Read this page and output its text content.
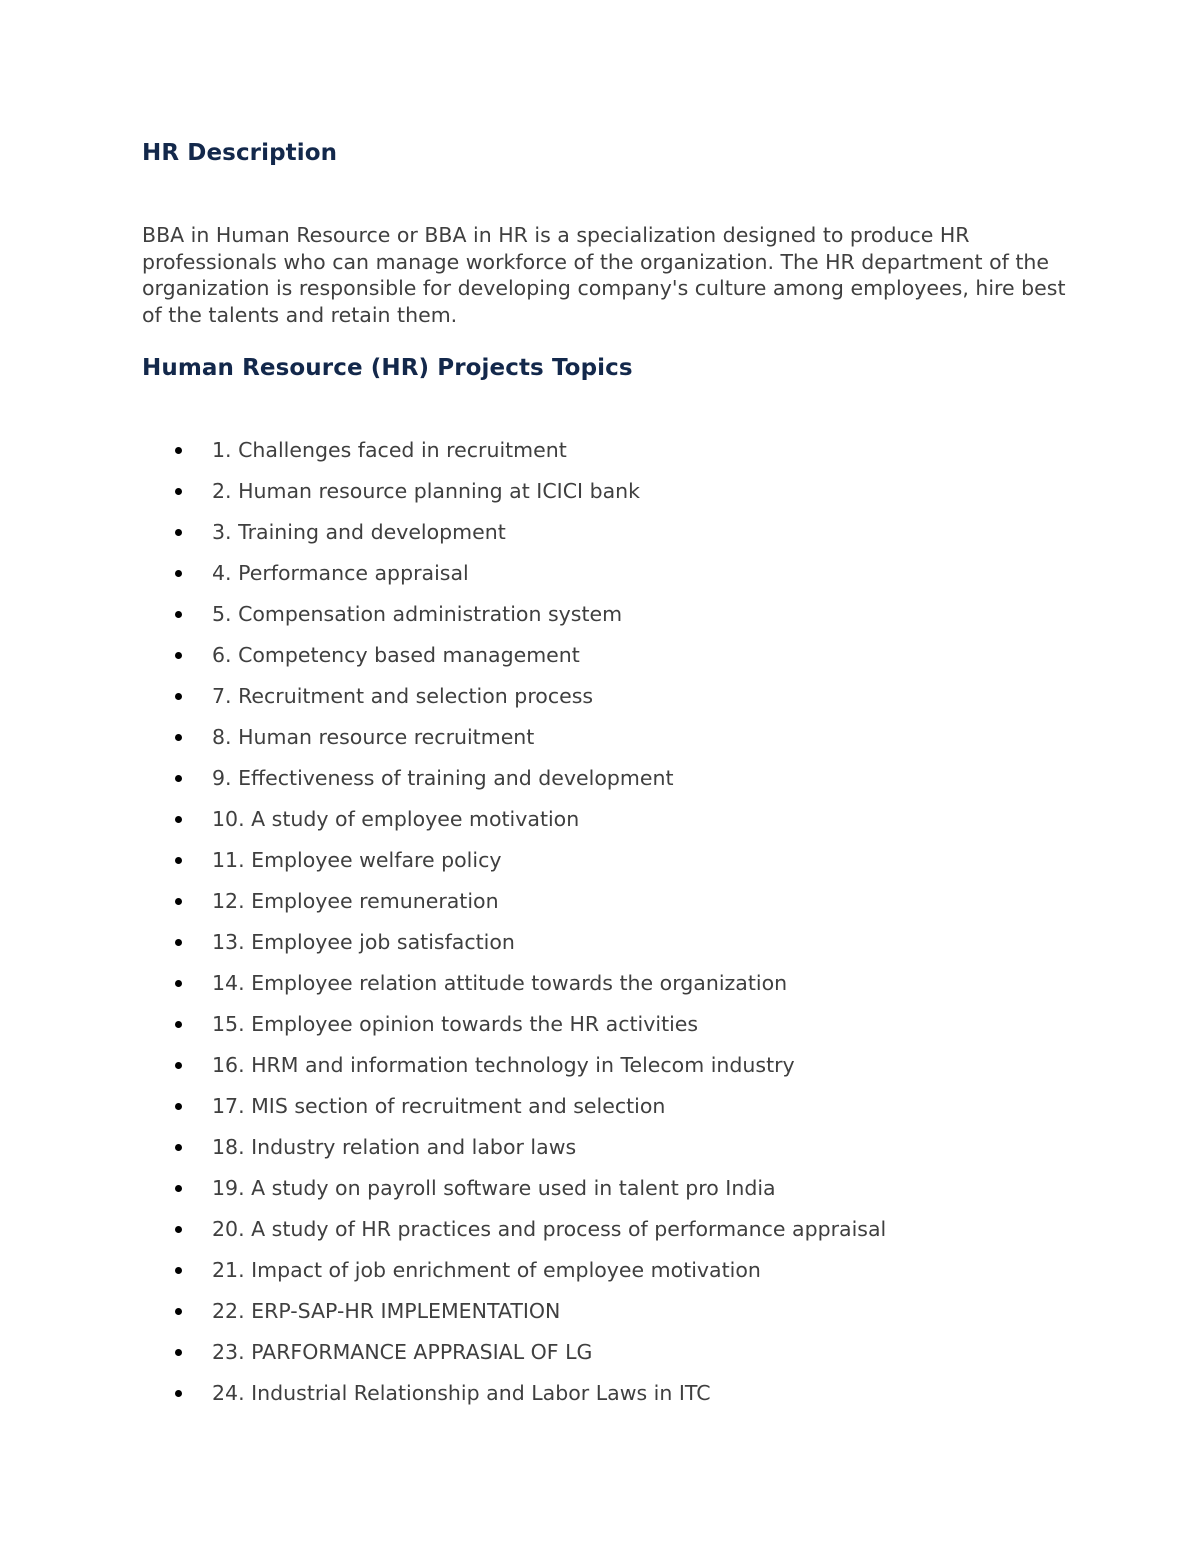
HR Description

BBA in Human Resource or BBA in HR is a specialization designed to produce HR professionals who can manage workforce of the organization. The HR department of the organization is responsible for developing company's culture among employees, hire best of the talents and retain them.

Human Resource (HR) Projects Topics
1. Challenges faced in recruitment
2. Human resource planning at ICICI bank
3. Training and development
4. Performance appraisal
5. Compensation administration system
6. Competency based management
7. Recruitment and selection process
8. Human resource recruitment
9. Effectiveness of training and development
10. A study of employee motivation
11. Employee welfare policy
12. Employee remuneration
13. Employee job satisfaction
14. Employee relation attitude towards the organization
15. Employee opinion towards the HR activities
16. HRM and information technology in Telecom industry
17. MIS section of recruitment and selection
18. Industry relation and labor laws
19. A study on payroll software used in talent pro India
20. A study of HR practices and process of performance appraisal
21. Impact of job enrichment of employee motivation
22. ERP-SAP-HR IMPLEMENTATION
23. PARFORMANCE APPRASIAL OF LG
24. Industrial Relationship and Labor Laws in ITC
